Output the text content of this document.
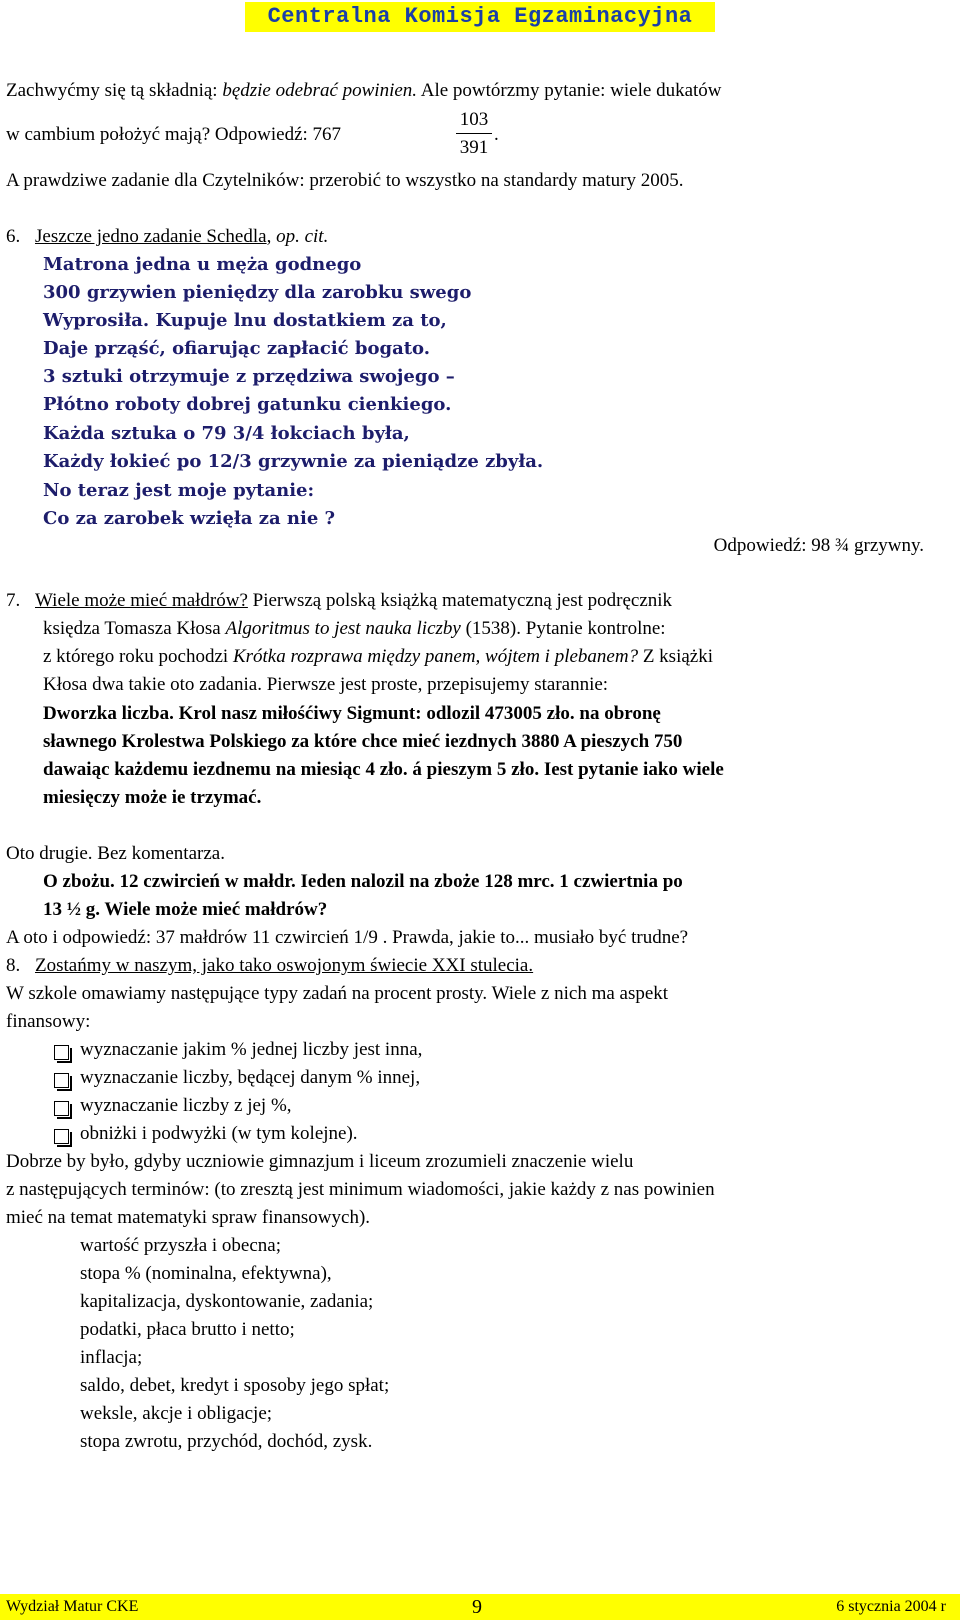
Centralna Komisja Egzaminacyjna
Zachwyćmy się tą składnią: będzie odebrać powinien. Ale powtórzmy pytanie: wiele dukatów
w cambium położyć mają? Odpowiedź: 767	$\frac{103}{391}$ .
A prawdziwe zadanie dla Czytelników: przerobić to wszystko na standardy matury 2005.
6. Jeszcze jedno zadanie Schedla, op. cit.
Matrona jedna u męża godnego
300 grzywien pieniędzy dla zarobku swego
Wyprosiła. Kupuje lnu dostatkiem za to,
Daje prząść, ofiarując zapłacić bogato.
3 sztuki otrzymuje z przędziwa swojego –
Płótno roboty dobrej gatunku cienkiego.
Każda sztuka o 79 3/4 łokciach była,
Każdy łokieć po 12/3 grzywnie za pieniądze zbyła.
No teraz jest moje pytanie:
Co za zarobek wzięła za nie ?
Odpowiedź: 98 ¾ grzywny.
7. Wiele może mieć małdrów? Pierwszą polską książką matematyczną jest podręcznik
księdza Tomasza Kłosa Algoritmus to jest nauka liczby (1538). Pytanie kontrolne:
z którego roku pochodzi Krótka rozprawa między panem, wójtem i plebanem? Z książki
Kłosa dwa takie oto zadania. Pierwsze jest proste, przepisujemy starannie:
Dworzka liczba. Krol nasz miłośćiwy Sigmunt: odlozil 473005 zło. na obronę
sławnego Krolestwa Polskiego za które chce mieć iezdnych 3880 A pieszych 750
dawaiąc każdemu iezdnemu na miesiąc 4 zło. á pieszym 5 zło. Iest pytanie iako wiele
miesięczy może ie trzymać.
Oto drugie. Bez komentarza.
O zbożu. 12 czwircień w małdr. Ieden nalozil na zboże 128 mrc. 1 czwiertnia po
13 ½ g. Wiele może mieć małdrów?
A oto i odpowiedź: 37 małdrów 11 czwircień 1/9 . Prawda, jakie to... musiało być trudne?
8. Zostańmy w naszym, jako tako oswojonym świecie XXI stulecia.
W szkole omawiamy następujące typy zadań na procent prosty. Wiele z nich ma aspekt
finansowy:
wyznaczanie jakim % jednej liczby jest inna,
wyznaczanie liczby, będącej danym % innej,
wyznaczanie liczby z jej %,
obniżki i podwyżki (w tym kolejne).
Dobrze by było, gdyby uczniowie gimnazjum i liceum zrozumieli znaczenie wielu
z następujących terminów: (to zresztą jest minimum wiadomości, jakie każdy z nas powinien
mieć na temat matematyki spraw finansowych).
wartość przyszła i obecna;
stopa % (nominalna, efektywna),
kapitalizacja, dyskontowanie, zadania;
podatki, płaca brutto i netto;
inflacja;
saldo, debet, kredyt i sposoby jego spłat;
weksle, akcje i obligacje;
stopa zwrotu, przychód, dochód, zysk.
Wydział Matur CKE	9	6 stycznia 2004 r
